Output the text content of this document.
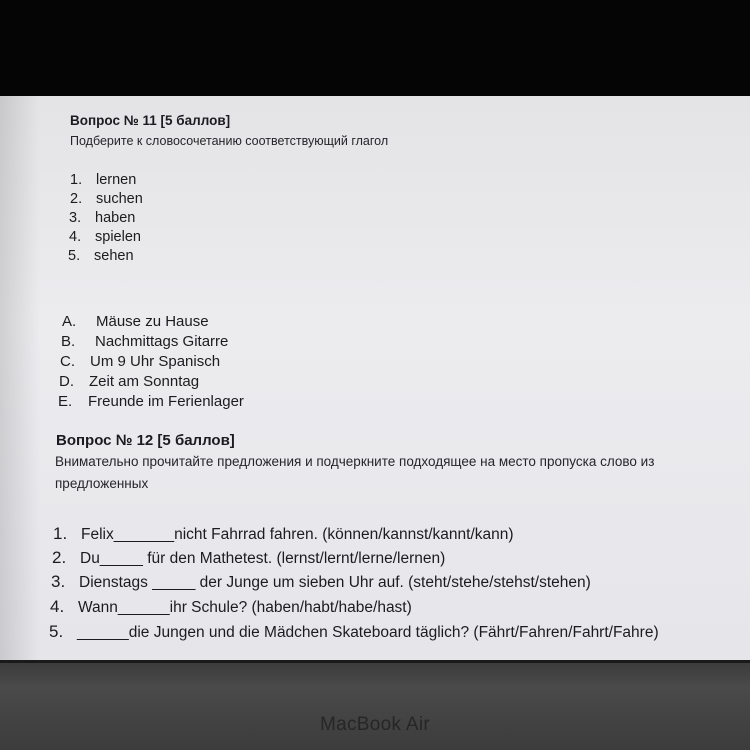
Вопрос № 11 [5 баллов]
Подберите к словосочетанию соответствующий глагол
1. lernen
2. suchen
3. haben
4. spielen
5. sehen
A. Mäuse zu Hause
B. Nachmittags Gitarre
C. Um 9 Uhr Spanisch
D. Zeit am Sonntag
E. Freunde im Ferienlager
Вопрос № 12 [5 баллов]
Внимательно прочитайте предложения и подчеркните подходящее на место пропуска слово из
предложенных
1. Felix_______nicht Fahrrad fahren. (können/kannst/kannt/kann)
2. Du_____ für den Mathetest. (lernst/lernt/lerne/lernen)
3. Dienstags _____ der Junge um sieben Uhr auf. (steht/stehe/stehst/stehen)
4. Wann______ihr Schule? (haben/habt/habe/hast)
5. ______die Jungen und die Mädchen Skateboard täglich? (Fährt/Fahren/Fahrt/Fahre)
MacBook Air
